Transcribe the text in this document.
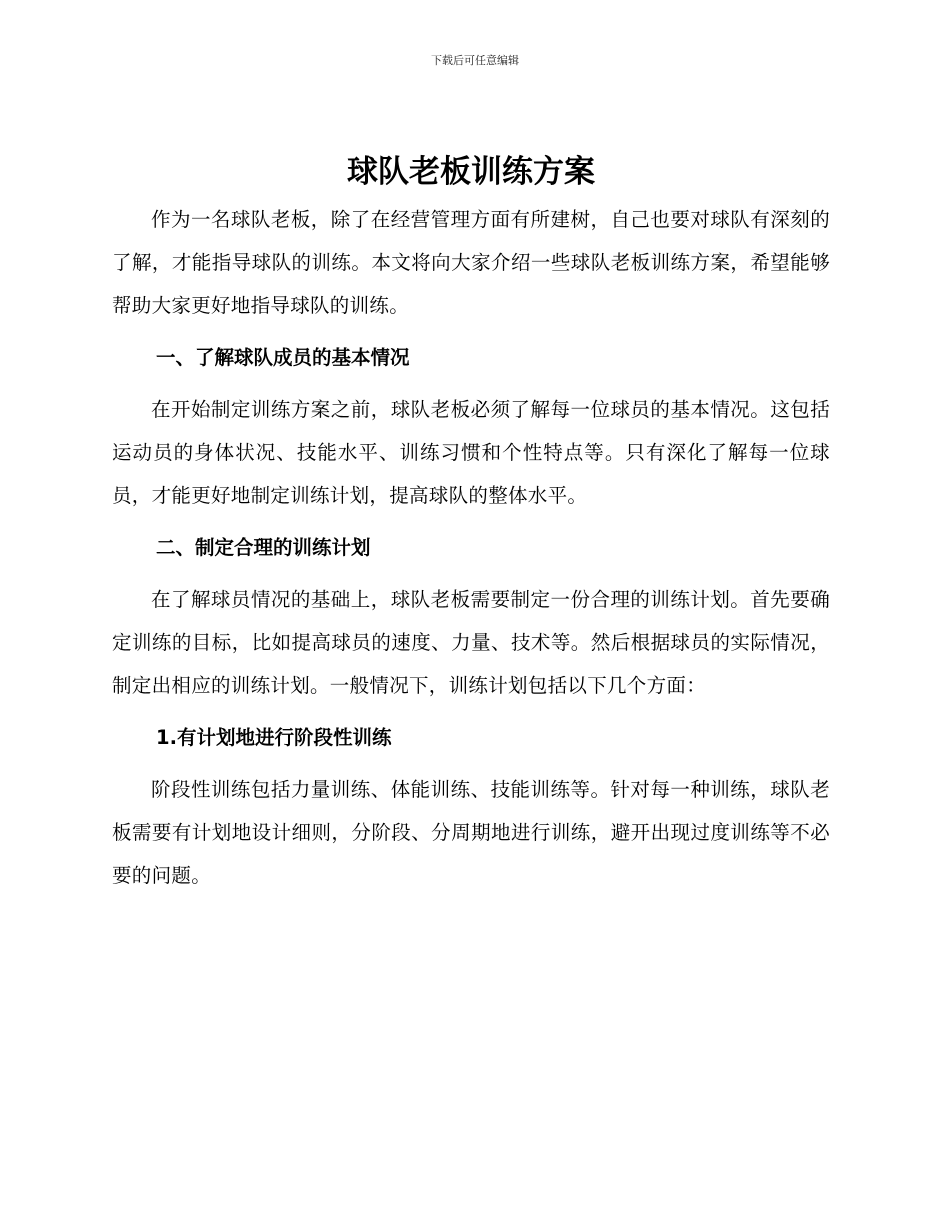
下载后可任意编辑
球队老板训练方案

作为一名球队老板，除了在经营管理方面有所建树，自己也要对球队有深刻的了解，才能指导球队的训练。本文将向大家介绍一些球队老板训练方案，希望能够帮助大家更好地指导球队的训练。

一、了解球队成员的基本情况

在开始制定训练方案之前，球队老板必须了解每一位球员的基本情况。这包括运动员的身体状况、技能水平、训练习惯和个性特点等。只有深化了解每一位球员，才能更好地制定训练计划，提高球队的整体水平。

二、制定合理的训练计划

在了解球员情况的基础上，球队老板需要制定一份合理的训练计划。首先要确定训练的目标，比如提高球员的速度、力量、技术等。然后根据球员的实际情况，制定出相应的训练计划。一般情况下，训练计划包括以下几个方面：

1.有计划地进行阶段性训练

阶段性训练包括力量训练、体能训练、技能训练等。针对每一种训练，球队老板需要有计划地设计细则，分阶段、分周期地进行训练，避开出现过度训练等不必要的问题。
